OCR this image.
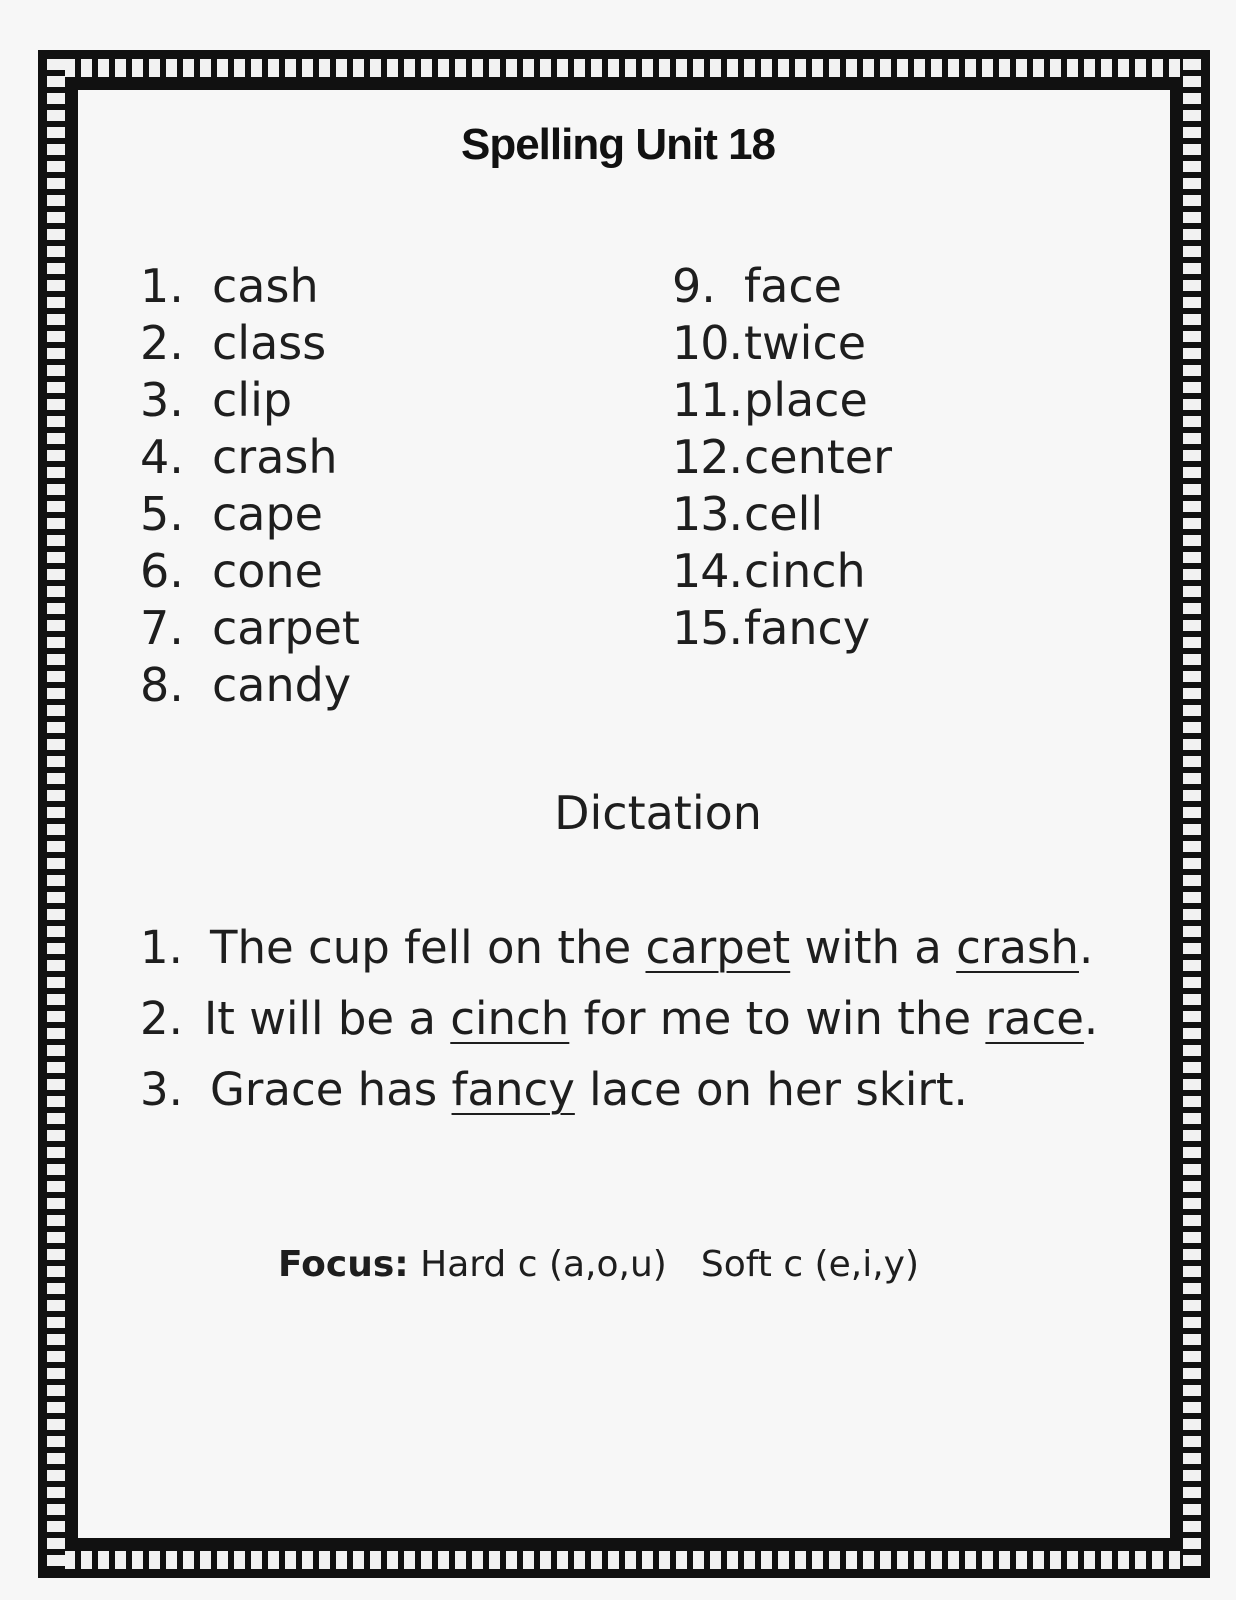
Spelling Unit 18
1. cash
2. class
3. clip
4. crash
5. cape
6. cone
7. carpet
8. candy
9. face
10. twice
11. place
12. center
13. cell
14. cinch
15. fancy
Dictation
1. The cup fell on the carpet with a crash.
2. It will be a cinch for me to win the race.
3. Grace has fancy lace on her skirt.
Focus: Hard c (a,o,u) Soft c (e,i,y)
